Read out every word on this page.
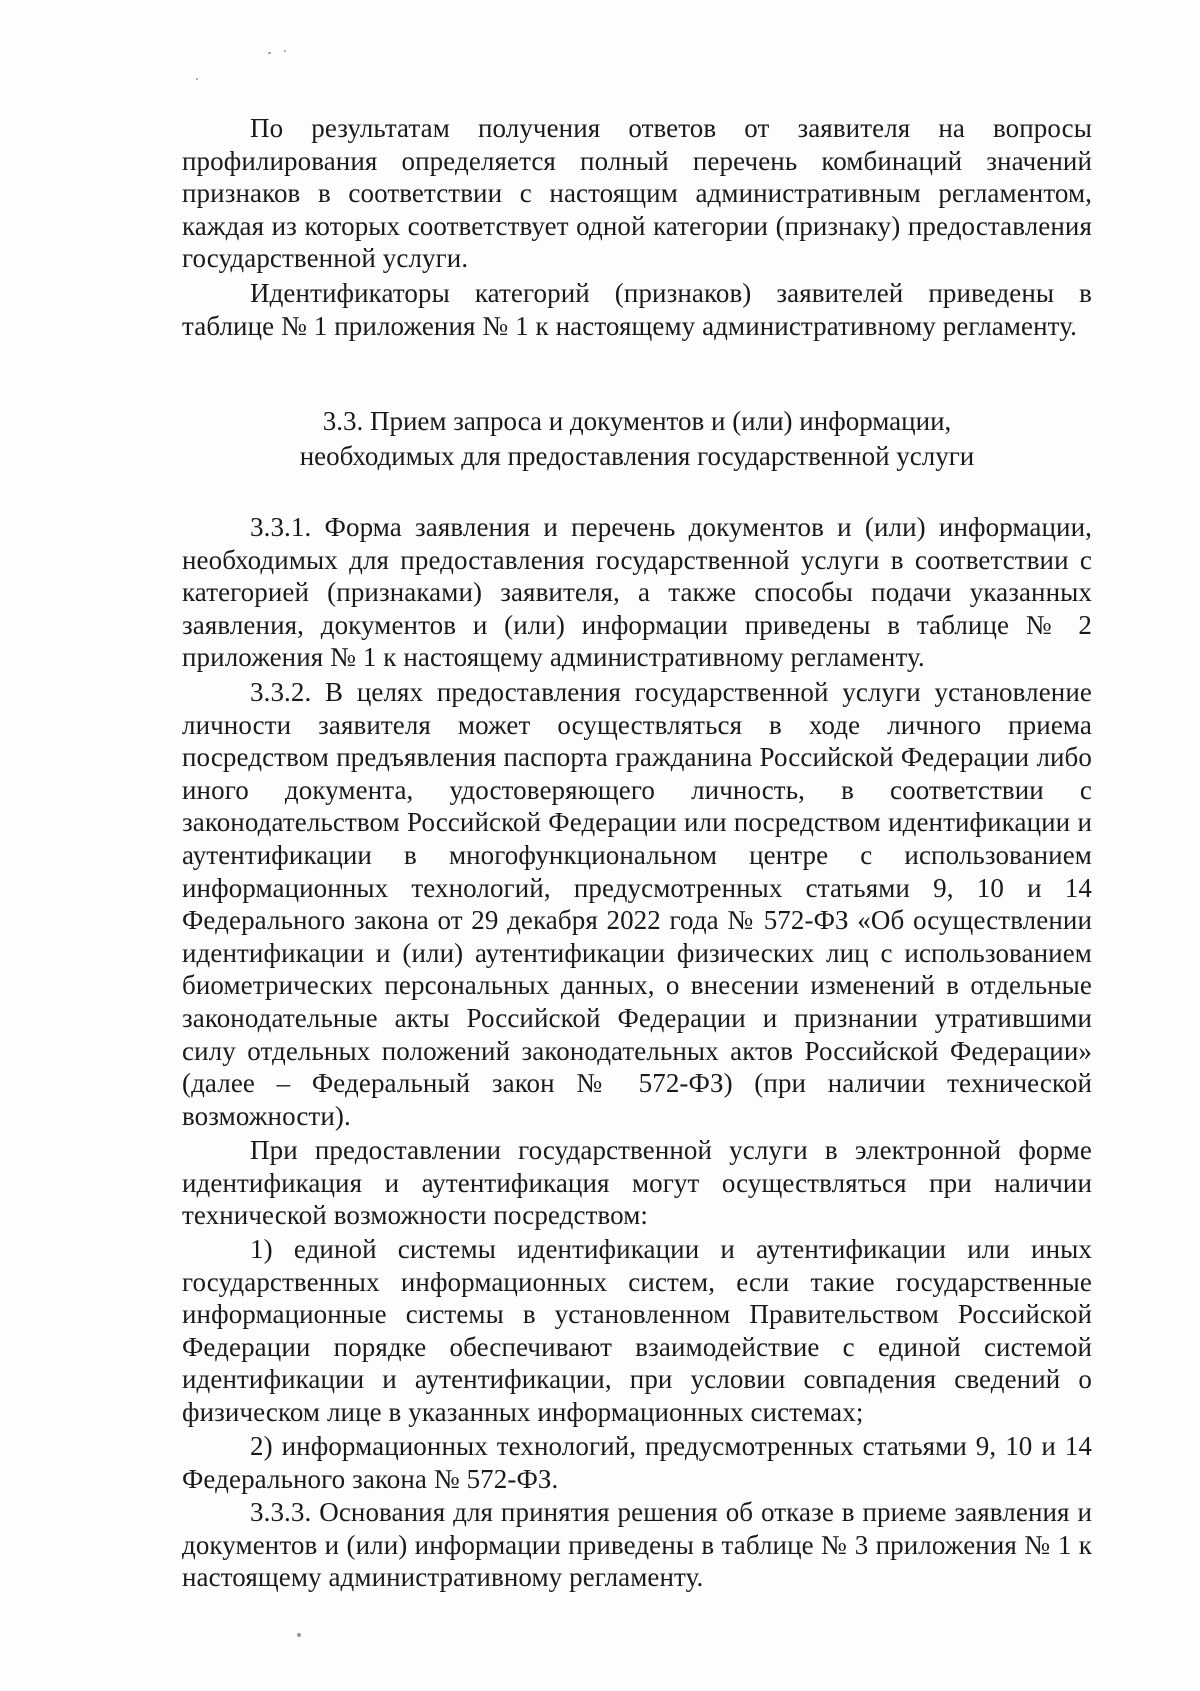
По результатам получения ответов от заявителя на вопросы профилирования определяется полный перечень комбинаций значений признаков в соответствии с настоящим административным регламентом, каждая из которых соответствует одной категории (признаку) предоставления государственной услуги.

Идентификаторы категорий (признаков) заявителей приведены в таблице № 1 приложения № 1 к настоящему административному регламенту.

3.3. Прием запроса и документов и (или) информации,
необходимых для предоставления государственной услуги

3.3.1. Форма заявления и перечень документов и (или) информации, необходимых для предоставления государственной услуги в соответствии с категорией (признаками) заявителя, а также способы подачи указанных заявления, документов и (или) информации приведены в таблице № 2 приложения № 1 к настоящему административному регламенту.

3.3.2. В целях предоставления государственной услуги установление личности заявителя может осуществляться в ходе личного приема посредством предъявления паспорта гражданина Российской Федерации либо иного документа, удостоверяющего личность, в соответствии с законодательством Российской Федерации или посредством идентификации и аутентификации в многофункциональном центре с использованием информационных технологий, предусмотренных статьями 9, 10 и 14 Федерального закона от 29 декабря 2022 года № 572-ФЗ «Об осуществлении идентификации и (или) аутентификации физических лиц с использованием биометрических персональных данных, о внесении изменений в отдельные законодательные акты Российской Федерации и признании утратившими силу отдельных положений законодательных актов Российской Федерации» (далее – Федеральный закон № 572-ФЗ) (при наличии технической возможности).

При предоставлении государственной услуги в электронной форме идентификация и аутентификация могут осуществляться при наличии технической возможности посредством:

1) единой системы идентификации и аутентификации или иных государственных информационных систем, если такие государственные информационные системы в установленном Правительством Российской Федерации порядке обеспечивают взаимодействие с единой системой идентификации и аутентификации, при условии совпадения сведений о физическом лице в указанных информационных системах;

2) информационных технологий, предусмотренных статьями 9, 10 и 14 Федерального закона № 572-ФЗ.

3.3.3. Основания для принятия решения об отказе в приеме заявления и документов и (или) информации приведены в таблице № 3 приложения № 1 к настоящему административному регламенту.
